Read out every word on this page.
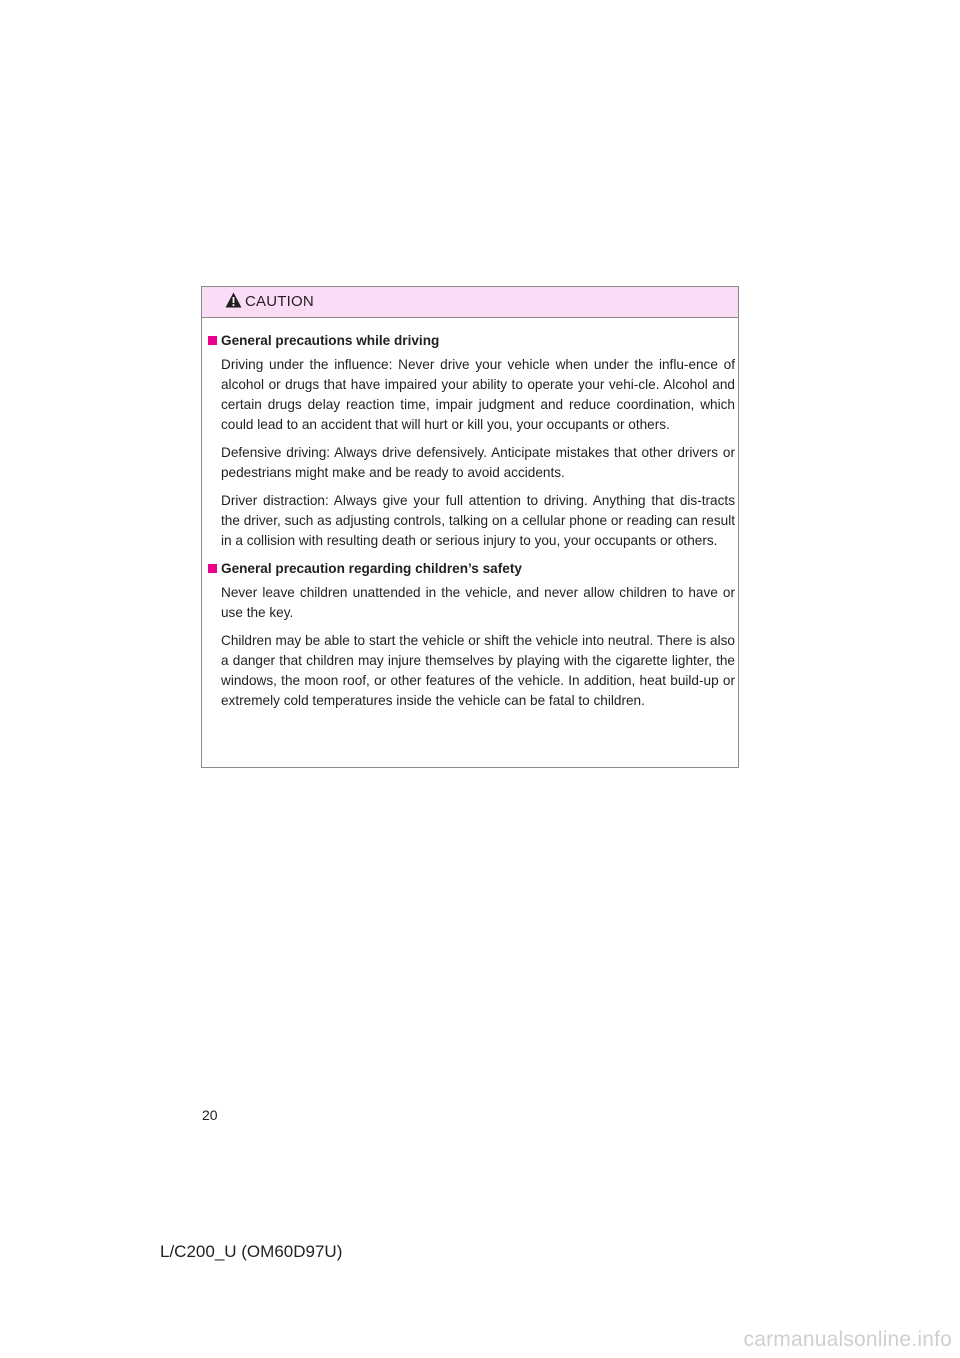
CAUTION
General precautions while driving

Driving under the influence: Never drive your vehicle when under the influ-ence of alcohol or drugs that have impaired your ability to operate your vehi-cle. Alcohol and certain drugs delay reaction time, impair judgment and reduce coordination, which could lead to an accident that will hurt or kill you, your occupants or others.

Defensive driving: Always drive defensively. Anticipate mistakes that other drivers or pedestrians might make and be ready to avoid accidents.

Driver distraction: Always give your full attention to driving. Anything that dis-tracts the driver, such as adjusting controls, talking on a cellular phone or reading can result in a collision with resulting death or serious injury to you, your occupants or others.

General precaution regarding children’s safety

Never leave children unattended in the vehicle, and never allow children to have or use the key.

Children may be able to start the vehicle or shift the vehicle into neutral. There is also a danger that children may injure themselves by playing with the cigarette lighter, the windows, the moon roof, or other features of the vehicle. In addition, heat build-up or extremely cold temperatures inside the vehicle can be fatal to children.

20
L/C200_U (OM60D97U)
carmanualsonline.info
